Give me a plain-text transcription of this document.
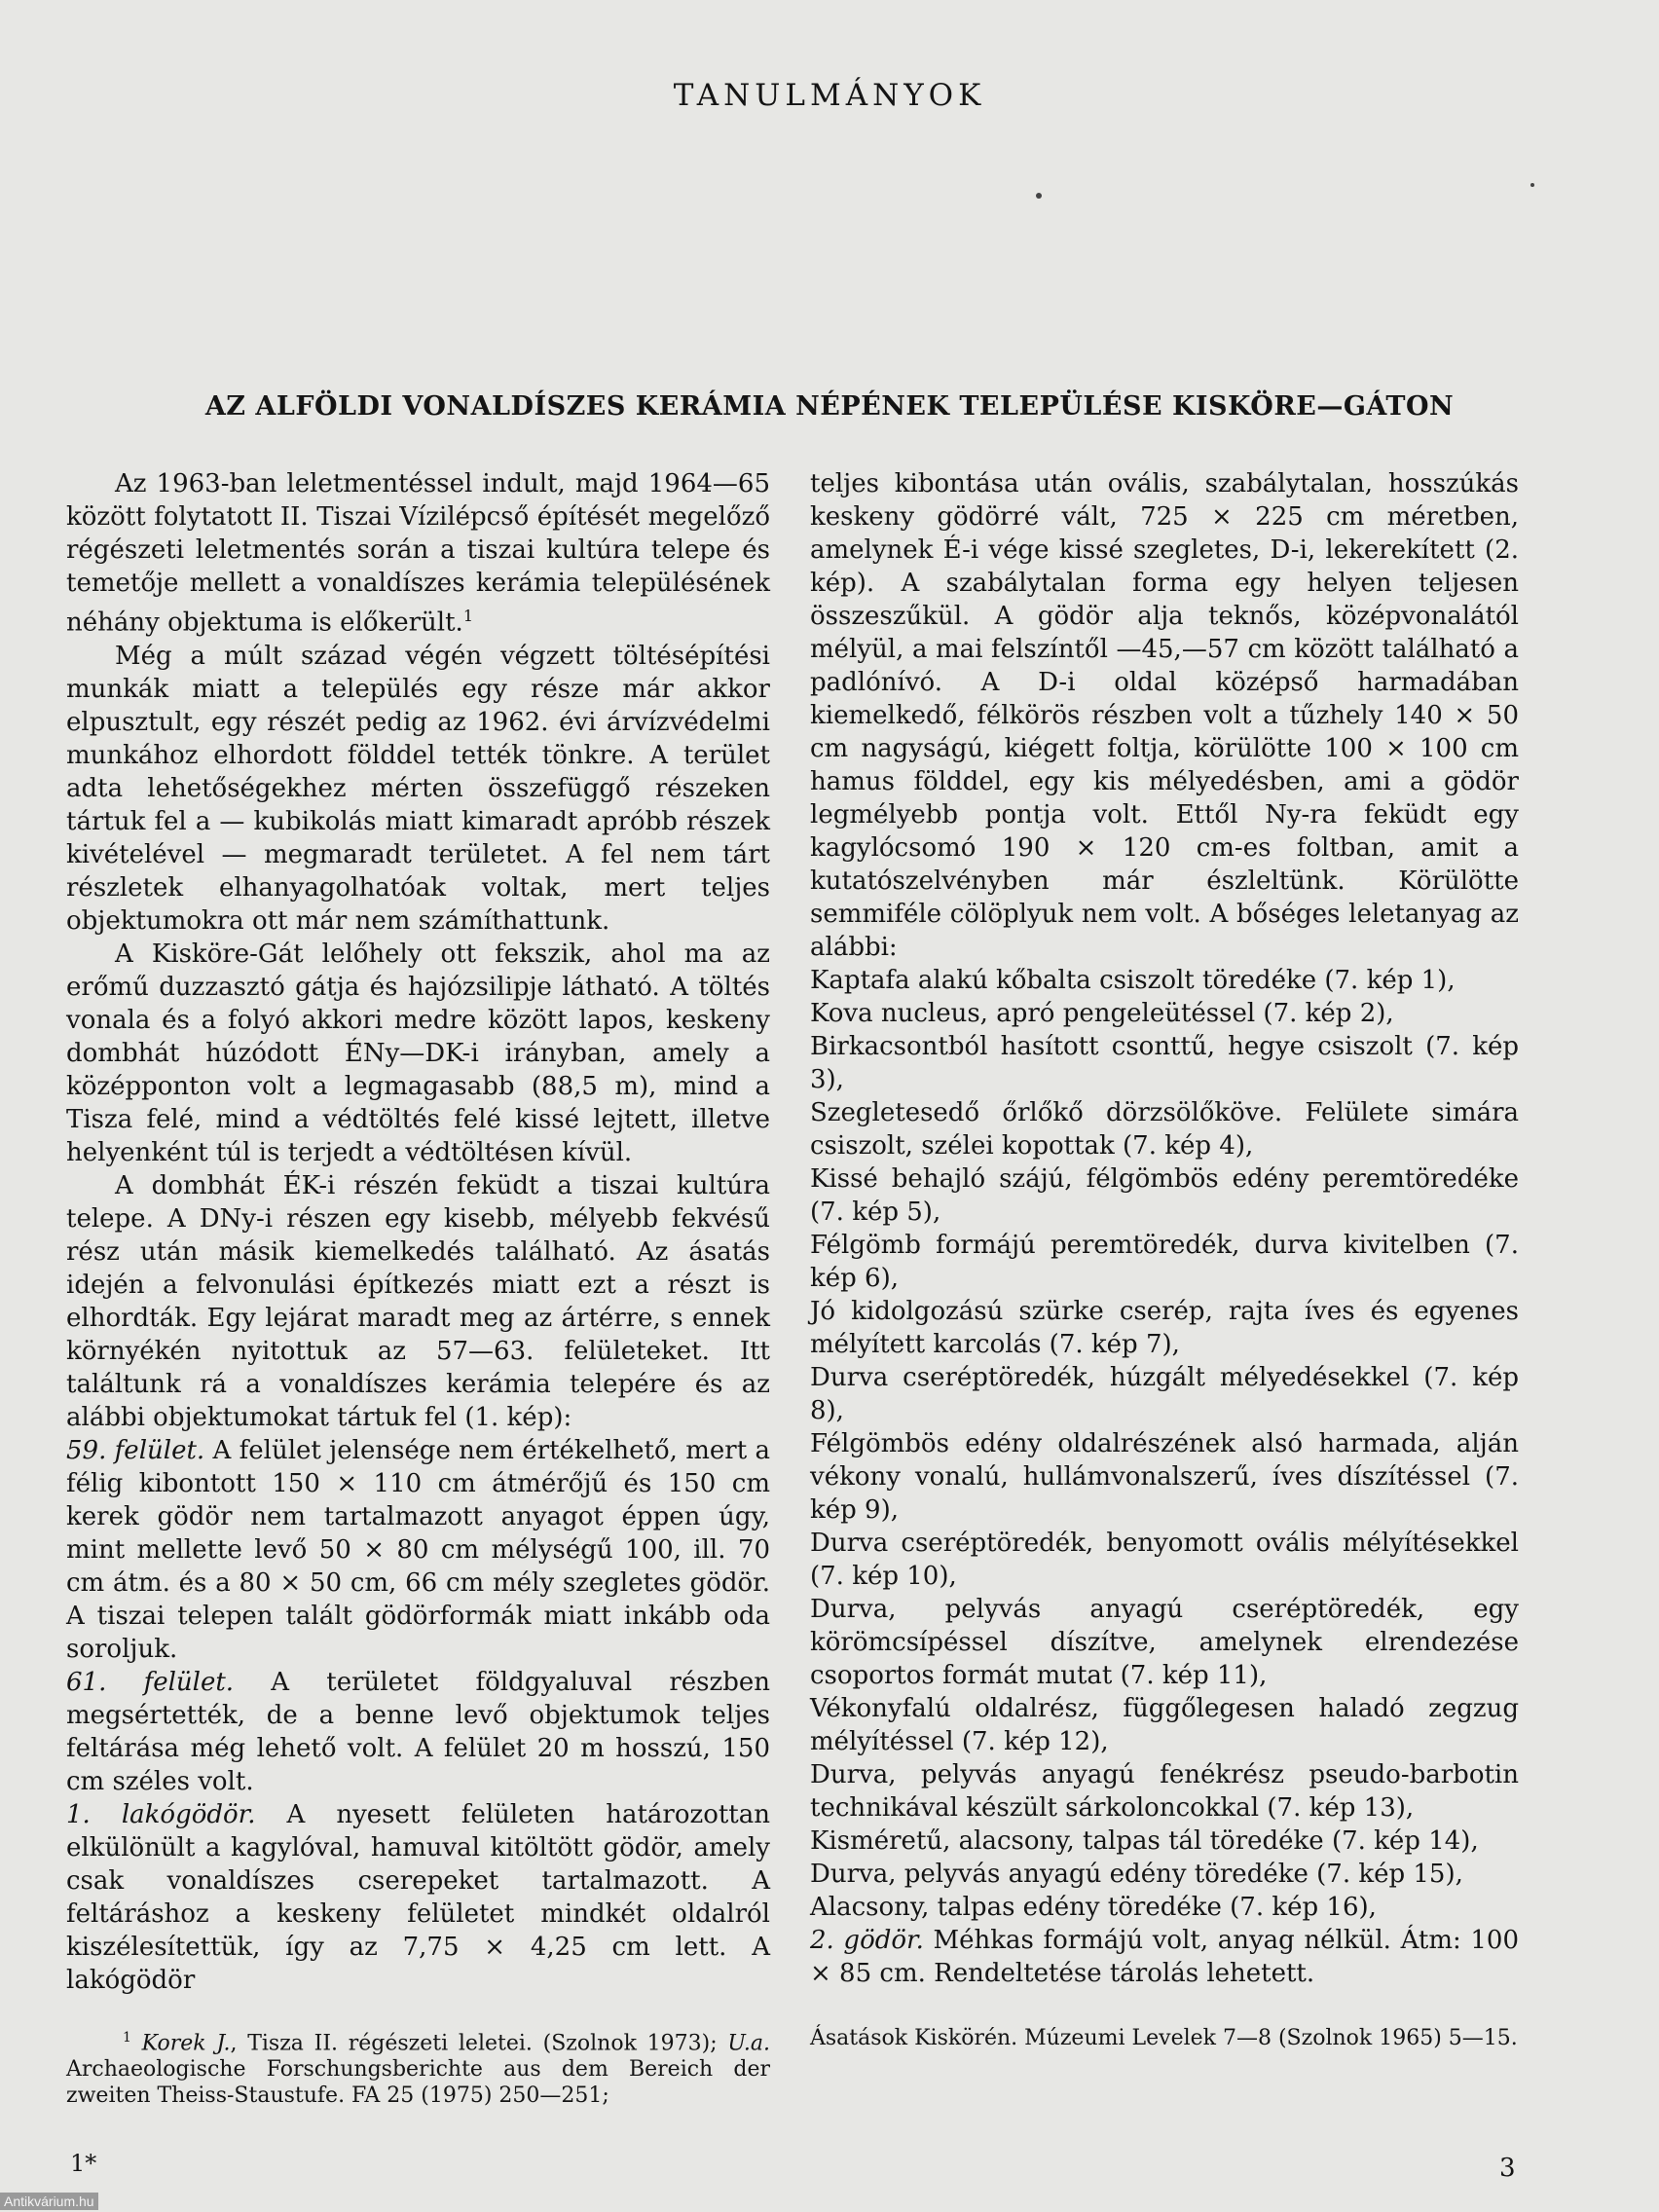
TANULMÁNYOK
AZ ALFÖLDI VONALDÍSZES KERÁMIA NÉPÉNEK TELEPÜLÉSE KISKÖRE—GÁTON

Az 1963-ban leletmentéssel indult, majd 1964—65 között folytatott II. Tiszai Vízilépcső építését megelőző régészeti leletmentés során a tiszai kultúra telepe és temetője mellett a vonaldíszes kerámia településének néhány objektuma is előkerült.$^1$

Még a múlt század végén végzett töltésépítési munkák miatt a település egy része már akkor elpusztult, egy részét pedig az 1962. évi árvízvédelmi munkához elhordott földdel tették tönkre. A terület adta lehetőségekhez mérten összefüggő részeken tártuk fel a — kubikolás miatt kimaradt apróbb részek kivételével — megmaradt területet. A fel nem tárt részletek elhanyagolhatóak voltak, mert teljes objektumokra ott már nem számíthattunk.

A Kisköre-Gát lelőhely ott fekszik, ahol ma az erőmű duzzasztó gátja és hajózsilipje látható. A töltés vonala és a folyó akkori medre között lapos, keskeny dombhát húzódott ÉNy—DK-i irányban, amely a középponton volt a legmagasabb (88,5 m), mind a Tisza felé, mind a védtöltés felé kissé lejtett, illetve helyenként túl is terjedt a védtöltésen kívül.

A dombhát ÉK-i részén feküdt a tiszai kultúra telepe. A DNy-i részen egy kisebb, mélyebb fekvésű rész után másik kiemelkedés található. Az ásatás idején a felvonulási építkezés miatt ezt a részt is elhordták. Egy lejárat maradt meg az ártérre, s ennek környékén nyitottuk az 57—63. felületeket. Itt találtunk rá a vonaldíszes kerámia telepére és az alábbi objektumokat tártuk fel (1. kép):

59. felület. A felület jelensége nem értékelhető, mert a félig kibontott 150 × 110 cm átmérőjű és 150 cm kerek gödör nem tartalmazott anyagot éppen úgy, mint mellette levő 50 × 80 cm mélységű 100, ill. 70 cm átm. és a 80 × 50 cm, 66 cm mély szegletes gödör. A tiszai telepen talált gödörformák miatt inkább oda soroljuk.

61. felület. A területet földgyaluval részben megsértették, de a benne levő objektumok teljes feltárása még lehető volt. A felület 20 m hosszú, 150 cm széles volt.

1. lakógödör. A nyesett felületen határozottan elkülönült a kagylóval, hamuval kitöltött gödör, amely csak vonaldíszes cserepeket tartalmazott. A feltáráshoz a keskeny felületet mindkét oldalról kiszélesítettük, így az 7,75 × 4,25 cm lett. A lakógödör

teljes kibontása után ovális, szabálytalan, hosszúkás keskeny gödörré vált, 725 × 225 cm méretben, amelynek É-i vége kissé szegletes, D-i, lekerekített (2. kép). A szabálytalan forma egy helyen teljesen összeszűkül. A gödör alja teknős, középvonalától mélyül, a mai felszíntől —45,—57 cm között található a padlónívó. A D-i oldal középső harmadában kiemelkedő, félkörös részben volt a tűzhely 140 × 50 cm nagyságú, kiégett foltja, körülötte 100 × 100 cm hamus földdel, egy kis mélyedésben, ami a gödör legmélyebb pontja volt. Ettől Ny-ra feküdt egy kagylócsomó 190 × 120 cm-es foltban, amit a kutatószelvényben már észleltünk. Körülötte semmiféle cölöplyuk nem volt. A bőséges leletanyag az alábbi:

Kaptafa alakú kőbalta csiszolt töredéke (7. kép 1),
Kova nucleus, apró pengeleütéssel (7. kép 2),
Birkacsontból hasított csonttű, hegye csiszolt (7. kép 3),
Szegletesedő őrlőkő dörzsölőköve. Felülete simára csiszolt, szélei kopottak (7. kép 4),
Kissé behajló szájú, félgömbös edény peremtöredéke (7. kép 5),
Félgömb formájú peremtöredék, durva kivitelben (7. kép 6),
Jó kidolgozású szürke cserép, rajta íves és egyenes mélyített karcolás (7. kép 7),
Durva cseréptöredék, húzgált mélyedésekkel (7. kép 8),
Félgömbös edény oldalrészének alsó harmada, alján vékony vonalú, hullámvonalszerű, íves díszítéssel (7. kép 9),
Durva cseréptöredék, benyomott ovális mélyítésekkel (7. kép 10),
Durva, pelyvás anyagú cseréptöredék, egy körömcsípéssel díszítve, amelynek elrendezése csoportos formát mutat (7. kép 11),
Vékonyfalú oldalrész, függőlegesen haladó zegzug mélyítéssel (7. kép 12),
Durva, pelyvás anyagú fenékrész pseudo-barbotin technikával készült sárkoloncokkal (7. kép 13),
Kisméretű, alacsony, talpas tál töredéke (7. kép 14),
Durva, pelyvás anyagú edény töredéke (7. kép 15),
Alacsony, talpas edény töredéke (7. kép 16),

2. gödör. Méhkas formájú volt, anyag nélkül. Átm: 100 × 85 cm. Rendeltetése tárolás lehetett.

$^1$ Korek J., Tisza II. régészeti leletei. (Szolnok 1973); U.a. Archaeologische Forschungsberichte aus dem Bereich der zweiten Theiss-Staustufe. FA 25 (1975) 250—251;

Ásatások Kiskörén. Múzeumi Levelek 7—8 (Szolnok 1965) 5—15.

1*	3
Antikvárium.hu
